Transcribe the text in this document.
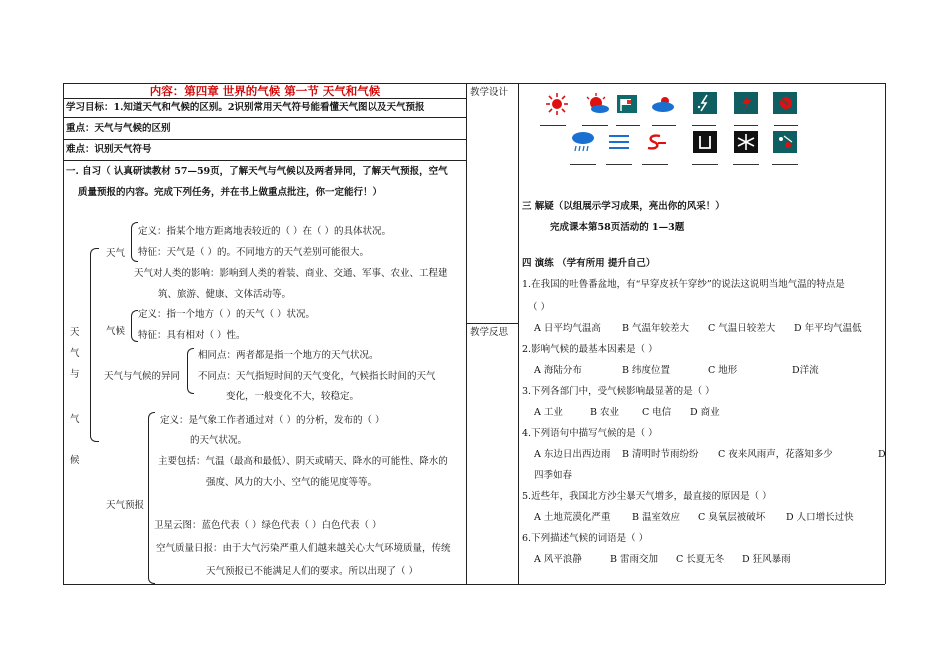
内容：第四章 世界的气候 第一节 天气和气候
学习目标：1.知道天气和气候的区别。2识别常用天气符号能看懂天气图以及天气预报
重点：天气与气候的区别
难点：识别天气符号
一. 自习（ 认真研读教材 57—59页，了解天气与气候以及两者异同，了解天气预报，空气
质量预报的内容。完成下列任务，并在书上做重点批注，你一定能行！）
天
气
与
气
候
天气
定义：指某个地方距离地表较近的（ ）在（ ）的具体状况。
特征：天气是（ ）的。不同地方的天气差别可能很大。
天气对人类的影响：影响到人类的着装、商业、交通、军事、农业、工程建
筑、旅游、健康、文体活动等。
气候
定义：指一个地方（ ）的天气（ ）状况。
特征：具有相对（ ）性。
天气与气候的异同
相同点：两者都是指一个地方的天气状况。
不同点：天气指短时间的天气变化，气候指长时间的天气
变化，一般变化不大，较稳定。
天气预报
定义：是气象工作者通过对（ ）的分析，发布的（ ）
的天气状况。
主要包括：气温（最高和最低）、阴天或晴天、降水的可能性、降水的
强度、风力的大小、空气的能见度等等。
卫星云图：蓝色代表（ ）绿色代表（ ）白色代表（ ）
空气质量日报：由于大气污染严重人们越来越关心大气环境质量，传统
天气预报已不能满足人们的要求。所以出现了（ ）
教学设计
教学反思
三 解疑（以组展示学习成果，亮出你的风采！）
完成课本第58页活动的 1—3题
四 演练 （学有所用 提升自己）
1.在我国的吐鲁番盆地，有“早穿皮袄午穿纱”的说法这说明当地气温的特点是
（ ）
A 日平均气温高 B 气温年较差大 C 气温日较差大 D 年平均气温低
2.影响气候的最基本因素是（ ）
A 海陆分布	B 纬度位置	C 地形	D洋流
3.下列各部门中，受气候影响最显著的是（ ）
A 工业	B 农业 C 电信 D 商业
4.下列语句中描写气候的是（ ）
A 东边日出西边雨 B 清明时节雨纷纷 C 夜来风雨声，花落知多少	D
四季如春
5.近些年，我国北方沙尘暴天气增多，最直接的原因是（ ）
A 土地荒漠化严重 B 温室效应 C 臭氧层被破坏 D 人口增长过快
6.下列描述气候的词语是（ ）
A 风平浪静	B 雷雨交加 C 长夏无冬 D 狂风暴雨
